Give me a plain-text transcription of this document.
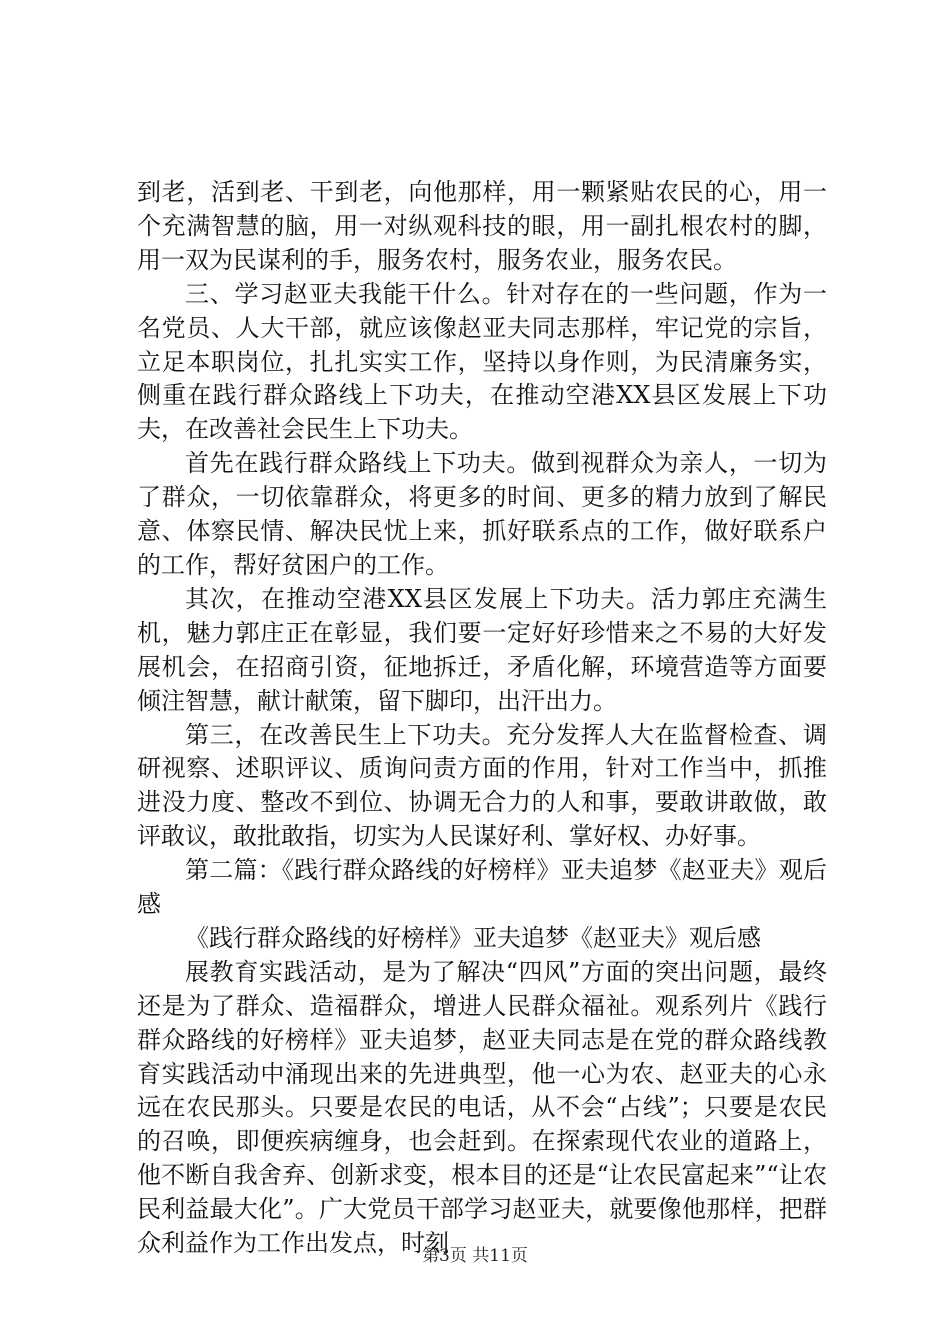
到老，活到老、干到老，向他那样，用一颗紧贴农民的心，用一个充满智慧的脑，用一对纵观科技的眼，用一副扎根农村的脚，用一双为民谋利的手，服务农村，服务农业，服务农民。

三、学习赵亚夫我能干什么。针对存在的一些问题，作为一名党员、人大干部，就应该像赵亚夫同志那样，牢记党的宗旨，立足本职岗位，扎扎实实工作，坚持以身作则，为民清廉务实，侧重在践行群众路线上下功夫，在推动空港XX县区发展上下功夫，在改善社会民生上下功夫。

首先在践行群众路线上下功夫。做到视群众为亲人，一切为了群众，一切依靠群众，将更多的时间、更多的精力放到了解民意、体察民情、解决民忧上来，抓好联系点的工作，做好联系户的工作，帮好贫困户的工作。

其次，在推动空港XX县区发展上下功夫。活力郭庄充满生机，魅力郭庄正在彰显，我们要一定好好珍惜来之不易的大好发展机会，在招商引资，征地拆迁，矛盾化解，环境营造等方面要倾注智慧，献计献策，留下脚印，出汗出力。

第三，在改善民生上下功夫。充分发挥人大在监督检查、调研视察、述职评议、质询问责方面的作用，针对工作当中，抓推进没力度、整改不到位、协调无合力的人和事，要敢讲敢做，敢评敢议，敢批敢指，切实为人民谋好利、掌好权、办好事。

第二篇：《践行群众路线的好榜样》亚夫追梦《赵亚夫》观后感

《践行群众路线的好榜样》亚夫追梦《赵亚夫》观后感

展教育实践活动，是为了解决“四风”方面的突出问题，最终还是为了群众、造福群众，增进人民群众福祉。观系列片《践行群众路线的好榜样》亚夫追梦，赵亚夫同志是在党的群众路线教育实践活动中涌现出来的先进典型，他一心为农、赵亚夫的心永远在农民那头。只要是农民的电话，从不会“占线”；只要是农民的召唤，即便疾病缠身，也会赶到。在探索现代农业的道路上，他不断自我舍弃、创新求变，根本目的还是“让农民富起来”“让农民利益最大化”。广大党员干部学习赵亚夫，就要像他那样，把群众利益作为工作出发点，时刻

第3页 共11页
